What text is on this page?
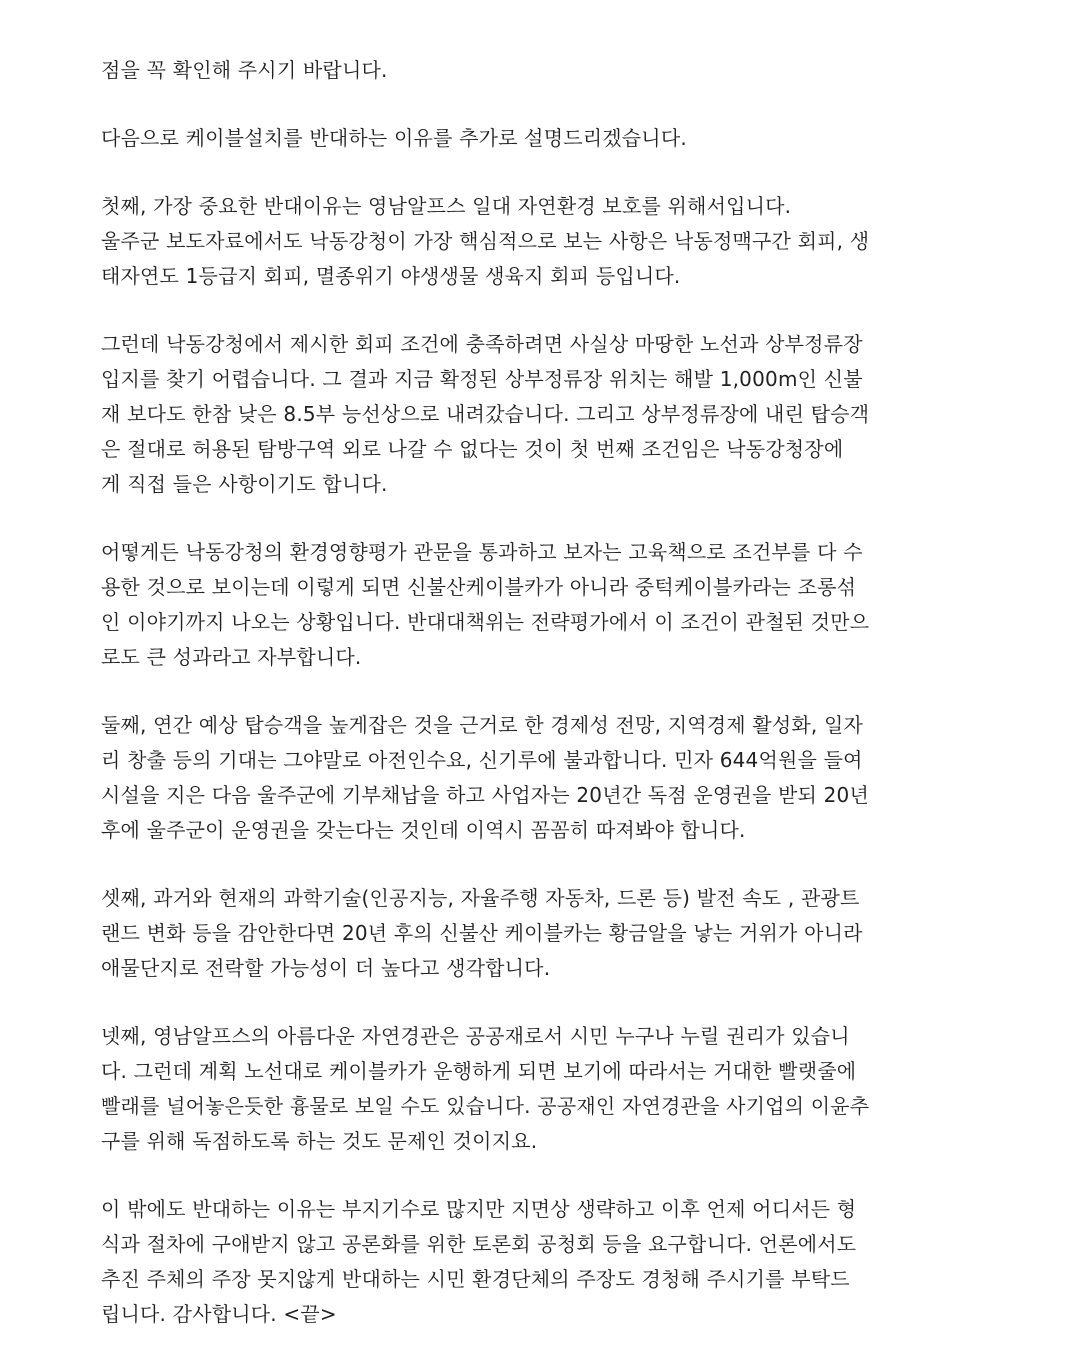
점을 꼭 확인해 주시기 바랍니다.

다음으로 케이블설치를 반대하는 이유를 추가로 설명드리겠습니다.

첫째, 가장 중요한 반대이유는 영남알프스 일대 자연환경 보호를 위해서입니다.
울주군 보도자료에서도 낙동강청이 가장 핵심적으로 보는 사항은 낙동정맥구간 회피, 생
태자연도 1등급지 회피, 멸종위기 야생생물 생육지 회피 등입니다.

그런데 낙동강청에서 제시한 회피 조건에 충족하려면 사실상 마땅한 노선과 상부정류장
입지를 찾기 어렵습니다. 그 결과 지금 확정된 상부정류장 위치는 해발 1,000m인 신불
재 보다도 한참 낮은 8.5부 능선상으로 내려갔습니다. 그리고 상부정류장에 내린 탑승객
은 절대로 허용된 탐방구역 외로 나갈 수 없다는 것이 첫 번째 조건임은 낙동강청장에
게 직접 들은 사항이기도 합니다.

어떻게든 낙동강청의 환경영향평가 관문을 통과하고 보자는 고육책으로 조건부를 다 수
용한 것으로 보이는데 이렇게 되면 신불산케이블카가 아니라 중턱케이블카라는 조롱섞
인 이야기까지 나오는 상황입니다. 반대대책위는 전략평가에서 이 조건이 관철된 것만으
로도 큰 성과라고 자부합니다.

둘째, 연간 예상 탑승객을 높게잡은 것을 근거로 한 경제성 전망, 지역경제 활성화, 일자
리 창출 등의 기대는 그야말로 아전인수요, 신기루에 불과합니다. 민자 644억원을 들여
시설을 지은 다음 울주군에 기부채납을 하고 사업자는 20년간 독점 운영권을 받되 20년
후에 울주군이 운영권을 갖는다는 것인데 이역시 꼼꼼히 따져봐야 합니다.

셋째, 과거와 현재의 과학기술(인공지능, 자율주행 자동차, 드론 등) 발전 속도 , 관광트
랜드 변화 등을 감안한다면 20년 후의 신불산 케이블카는 황금알을 낳는 거위가 아니라
애물단지로 전락할 가능성이 더 높다고 생각합니다.

넷째, 영남알프스의 아름다운 자연경관은 공공재로서 시민 누구나 누릴 권리가 있습니
다. 그런데 계획 노선대로 케이블카가 운행하게 되면 보기에 따라서는 거대한 빨랫줄에
빨래를 널어놓은듯한 흉물로 보일 수도 있습니다. 공공재인 자연경관을 사기업의 이윤추
구를 위해 독점하도록 하는 것도 문제인 것이지요.

이 밖에도 반대하는 이유는 부지기수로 많지만 지면상 생략하고 이후 언제 어디서든 형
식과 절차에 구애받지 않고 공론화를 위한 토론회 공청회 등을 요구합니다. 언론에서도
추진 주체의 주장 못지않게 반대하는 시민 환경단체의 주장도 경청해 주시기를 부탁드
립니다. 감사합니다. <끝>
